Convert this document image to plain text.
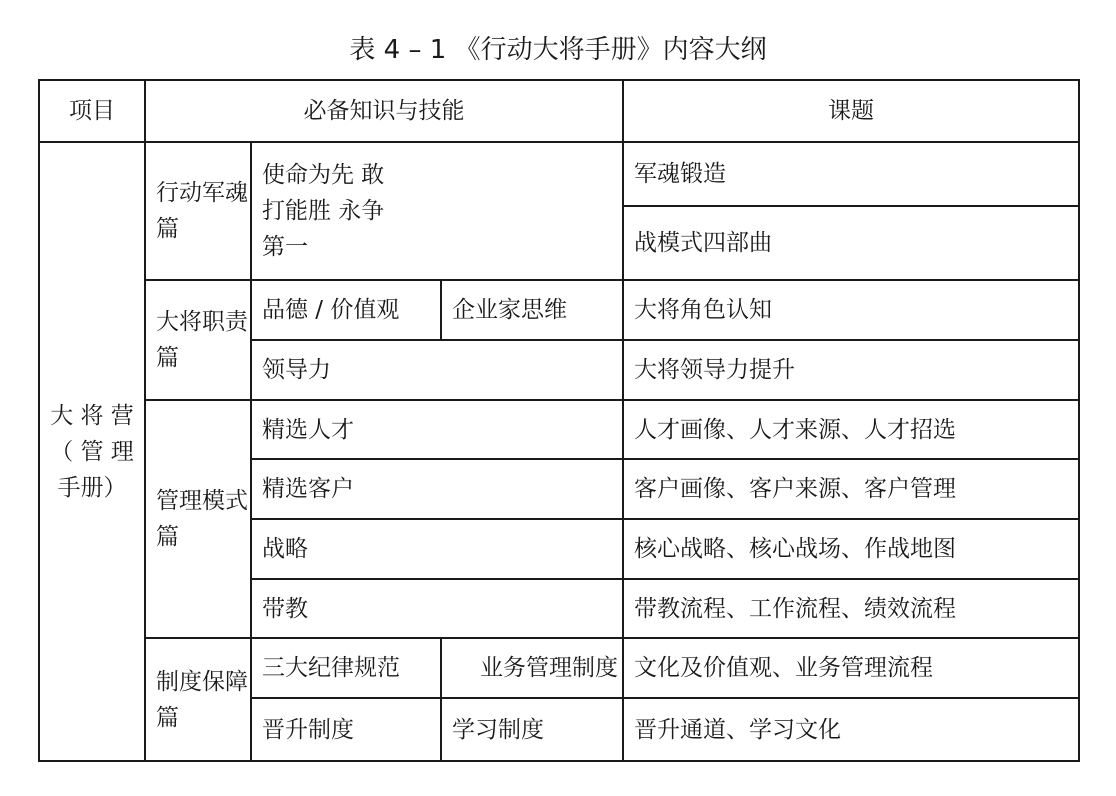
表 4 – 1 《行动大将手册》内容大纲
项目	必备知识与技能			课题

大 将 营
（ 管 理
手册）	行动军魂篇	使命为先 敢打能胜 永争第一		军魂锻造
				战模式四部曲
	大将职责篇	品德 / 价值观	企业家思维	大将角色认知
		领导力		大将领导力提升
	管理模式篇	精选人才		人才画像、人才来源、人才招选
		精选客户		客户画像、客户来源、客户管理
		战略		核心战略、核心战场、作战地图
		带教		带教流程、工作流程、绩效流程
	制度保障篇	三大纪律规范	业务管理制度	文化及价值观、业务管理流程
		晋升制度	学习制度	晋升通道、学习文化
